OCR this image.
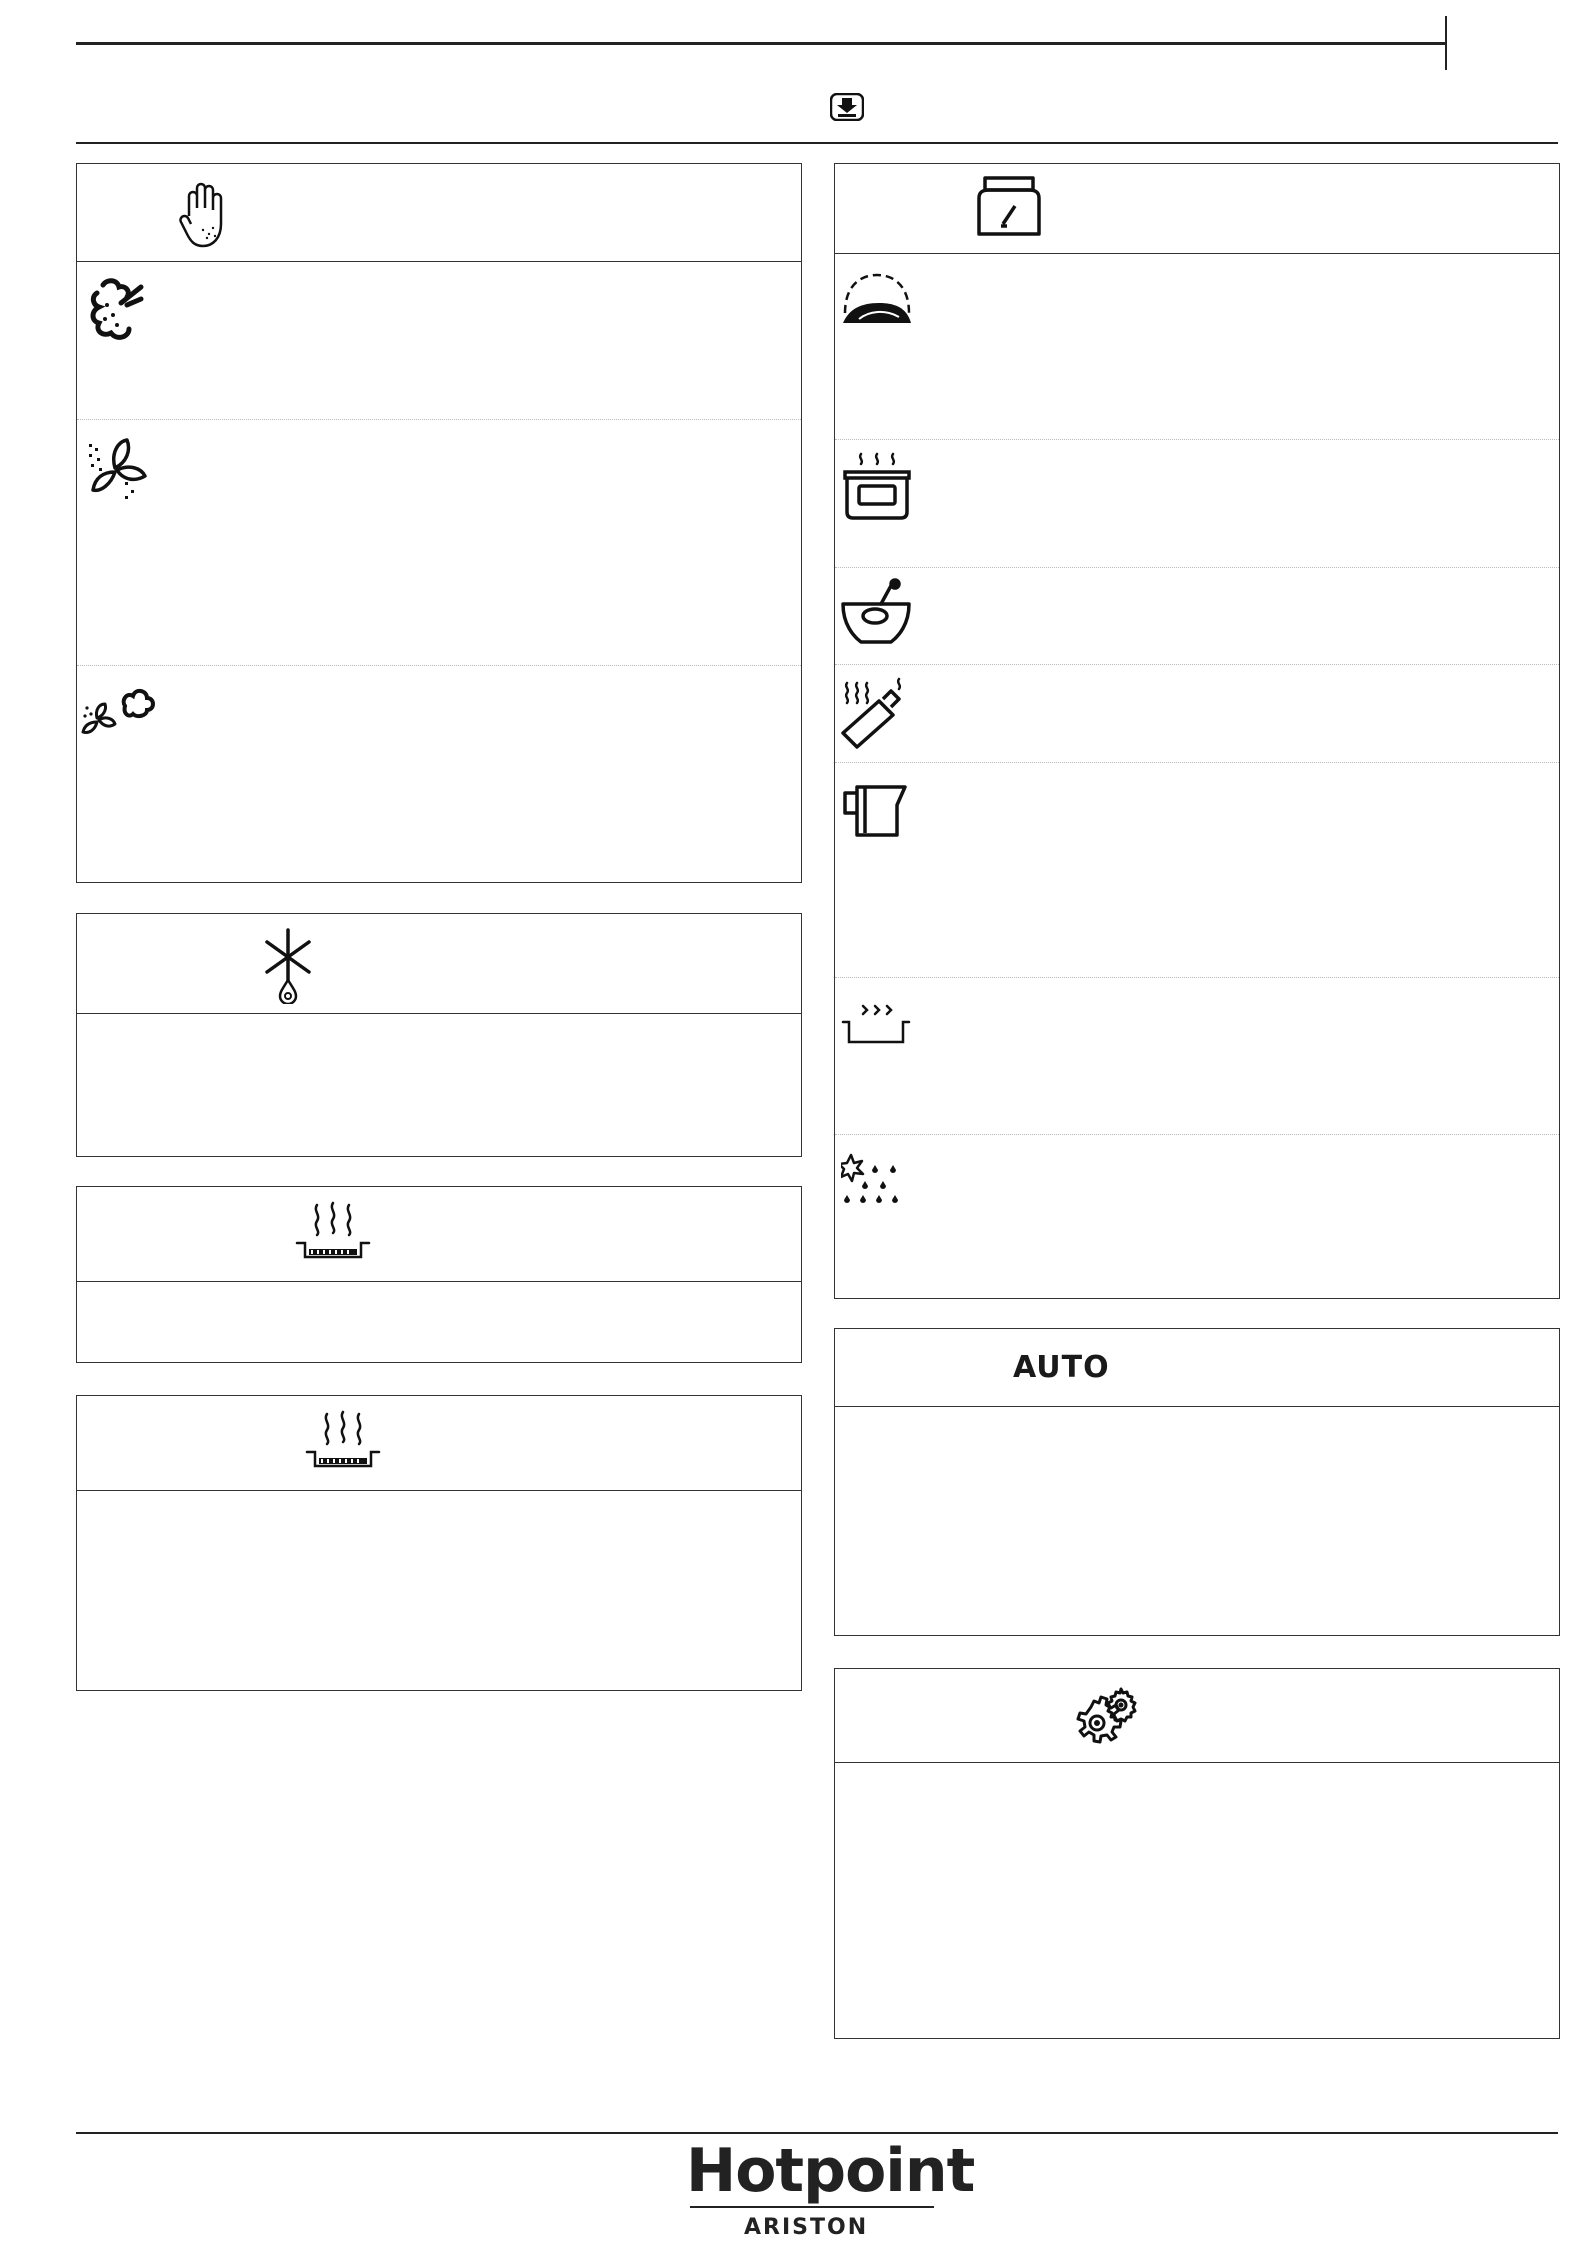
AUTO
Hotpoint
ARISTON
